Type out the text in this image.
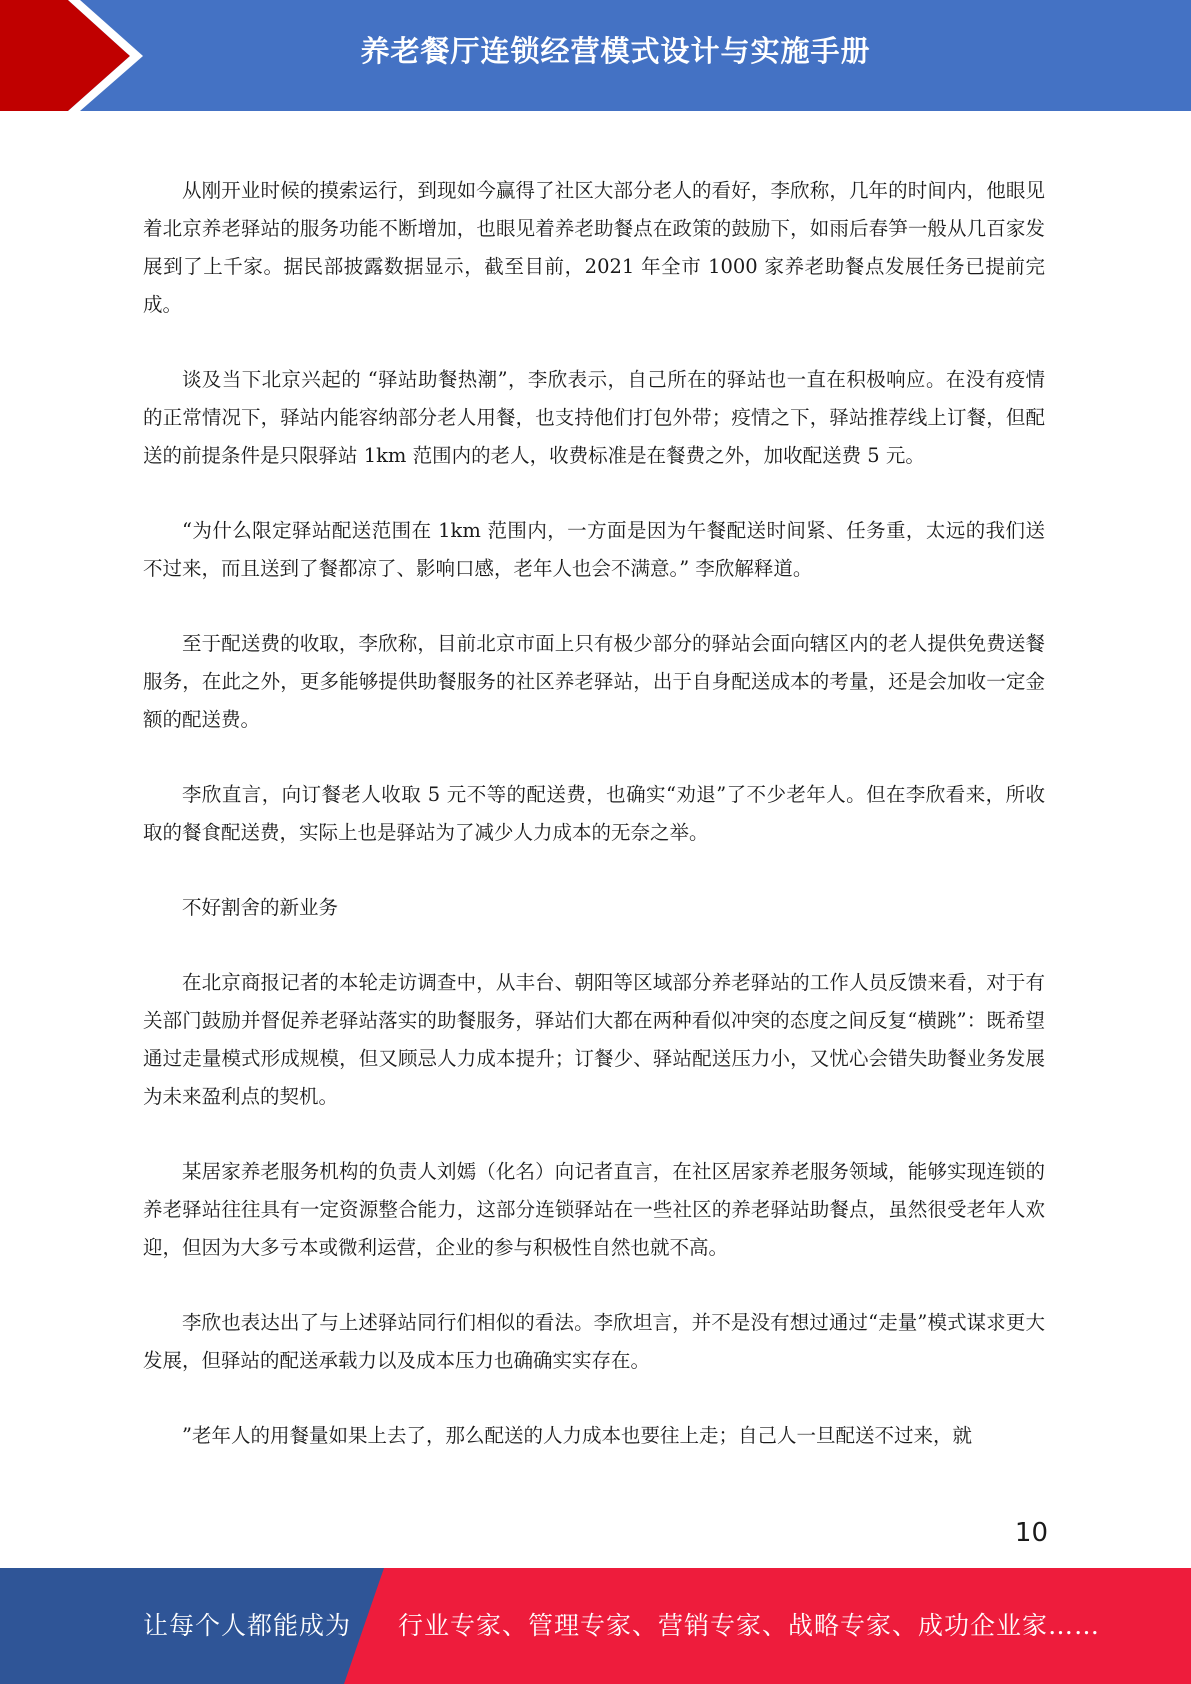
养老餐厅连锁经营模式设计与实施手册

从刚开业时候的摸索运行，到现如今赢得了社区大部分老人的看好，李欣称，几年的时间内，他眼见着北京养老驿站的服务功能不断增加，也眼见着养老助餐点在政策的鼓励下，如雨后春笋一般从几百家发展到了上千家。据民部披露数据显示，截至目前，2021 年全市 1000 家养老助餐点发展任务已提前完成。

谈及当下北京兴起的 “驿站助餐热潮”，李欣表示，自己所在的驿站也一直在积极响应。在没有疫情的正常情况下，驿站内能容纳部分老人用餐，也支持他们打包外带；疫情之下，驿站推荐线上订餐，但配送的前提条件是只限驿站 1km 范围内的老人，收费标准是在餐费之外，加收配送费 5 元。

“为什么限定驿站配送范围在 1km 范围内，一方面是因为午餐配送时间紧、任务重，太远的我们送不过来，而且送到了餐都凉了、影响口感，老年人也会不满意。” 李欣解释道。

至于配送费的收取，李欣称，目前北京市面上只有极少部分的驿站会面向辖区内的老人提供免费送餐服务，在此之外，更多能够提供助餐服务的社区养老驿站，出于自身配送成本的考量，还是会加收一定金额的配送费。

李欣直言，向订餐老人收取 5 元不等的配送费，也确实“劝退”了不少老年人。但在李欣看来，所收取的餐食配送费，实际上也是驿站为了减少人力成本的无奈之举。

不好割舍的新业务

在北京商报记者的本轮走访调查中，从丰台、朝阳等区域部分养老驿站的工作人员反馈来看，对于有关部门鼓励并督促养老驿站落实的助餐服务，驿站们大都在两种看似冲突的态度之间反复“横跳”：既希望通过走量模式形成规模，但又顾忌人力成本提升；订餐少、驿站配送压力小，又忧心会错失助餐业务发展为未来盈利点的契机。

某居家养老服务机构的负责人刘嫣（化名）向记者直言，在社区居家养老服务领域，能够实现连锁的养老驿站往往具有一定资源整合能力，这部分连锁驿站在一些社区的养老驿站助餐点，虽然很受老年人欢迎，但因为大多亏本或微利运营，企业的参与积极性自然也就不高。

李欣也表达出了与上述驿站同行们相似的看法。李欣坦言，并不是没有想过通过“走量”模式谋求更大发展，但驿站的配送承载力以及成本压力也确确实实存在。

”老年人的用餐量如果上去了，那么配送的人力成本也要往上走；自己人一旦配送不过来，就

10
让每个人都能成为 行业专家、管理专家、营销专家、战略专家、成功企业家……
